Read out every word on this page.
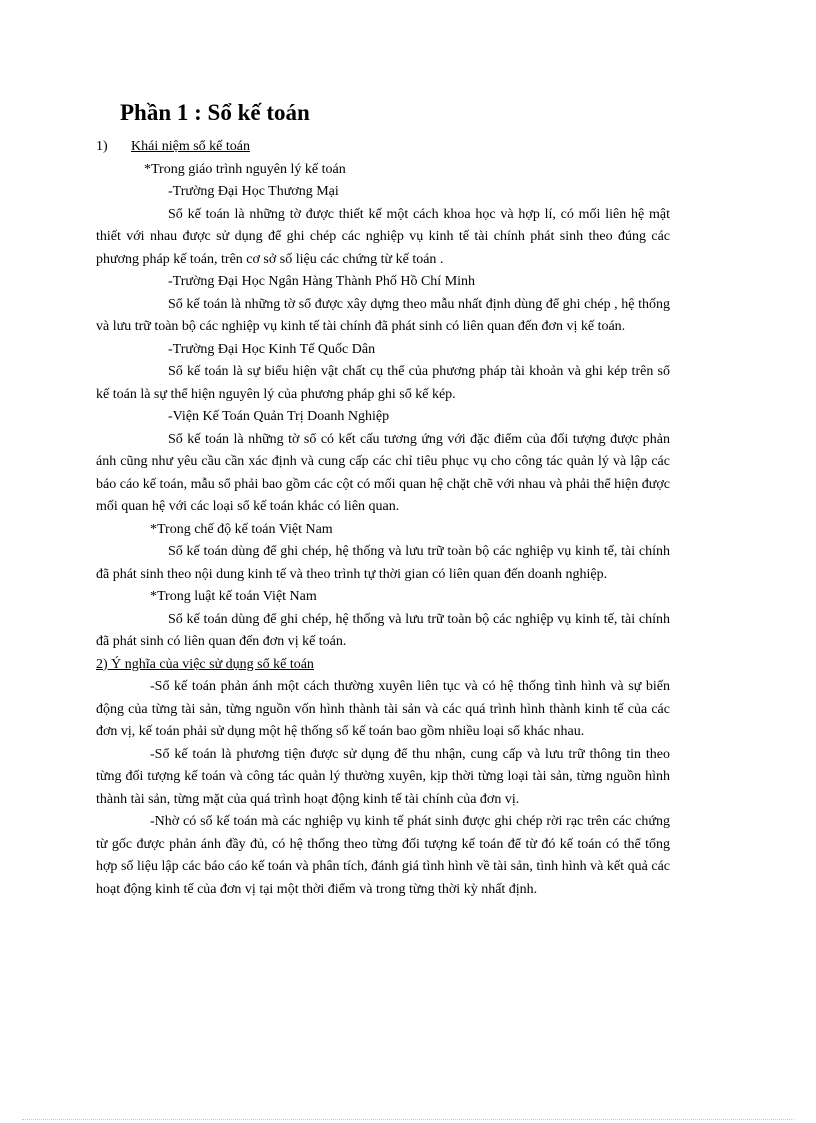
Phần 1 : Sổ kế toán
1)	Khái niệm sổ kế toán

*Trong giáo trình nguyên lý kế toán

-Trường Đại Học Thương Mại

Sổ kế toán là những tờ được thiết kế một cách khoa học và hợp lí, có mối liên hệ mật thiết với nhau được sử dụng để ghi chép các nghiệp vụ kinh tế tài chính phát sinh theo đúng các phương pháp kế toán, trên cơ sở số liệu các chứng từ kế toán .

-Trường Đại Học Ngân Hàng Thành Phố Hồ Chí Minh

Sổ kế toán là những tờ sổ được xây dựng theo mẫu nhất định dùng để ghi chép , hệ thống và lưu trữ toàn bộ các nghiệp vụ kinh tế tài chính đã phát sinh có liên quan đến đơn vị kế toán.

-Trường Đại Học Kinh Tế Quốc Dân

Sổ kế toán là sự biểu hiện vật chất cụ thể của phương pháp tài khoản và ghi kép trên sổ kế toán là sự thể hiện nguyên lý của phương pháp ghi sổ kế kép.

-Viện Kế Toán Quản Trị Doanh Nghiệp

Sổ kế toán là những tờ sổ có kết cấu tương ứng với đặc điểm của đối tượng được phản ánh cũng như yêu cầu cần xác định và cung cấp các chỉ tiêu phục vụ cho công tác quản lý và lập các báo cáo kế toán, mẫu sổ phải bao gồm các cột có mối quan hệ chặt chẽ với nhau và phải thể hiện được mối quan hệ với các loại sổ kế toán khác có liên quan.

*Trong chế độ kế toán Việt Nam

Sổ kế toán dùng để ghi chép, hệ thống và lưu trữ toàn bộ các nghiệp vụ kinh tế, tài chính đã phát sinh theo nội dung kinh tế và theo trình tự thời gian có liên quan đến doanh nghiệp.

*Trong luật kế toán Việt Nam

Sổ kế toán dùng để ghi chép, hệ thống và lưu trữ toàn bộ các nghiệp vụ kinh tế, tài chính đã phát sinh có liên quan đến đơn vị kế toán.

2) Ý nghĩa của việc sử dụng sổ kế toán

-Sổ kế toán phản ánh một cách thường xuyên liên tục và có hệ thống tình hình và sự biến động của từng tài sản, từng nguồn vốn hình thành tài sản và các quá trình hình thành kinh tế của các đơn vị, kế toán phải sử dụng một hệ thống sổ kế toán bao gồm nhiều loại sổ khác nhau.

-Sổ kế toán là phương tiện được sử dụng để thu nhận, cung cấp và lưu trữ thông tin theo từng đối tượng kế toán và công tác quản lý thường xuyên, kịp thời từng loại tài sản, từng nguồn hình thành tài sản, từng mặt của quá trình hoạt động kinh tế tài chính của đơn vị.

-Nhờ có sổ kế toán mà các nghiệp vụ kinh tế phát sinh được ghi chép rời rạc trên các chứng từ gốc được phản ánh đầy đủ, có hệ thống theo từng đối tượng kế toán để từ đó kế toán có thể tổng hợp số liệu lập các báo cáo kế toán và phân tích, đánh giá tình hình về tài sản, tình hình và kết quả các hoạt động kinh tế của đơn vị tại một thời điểm và trong từng thời kỳ nhất định.
